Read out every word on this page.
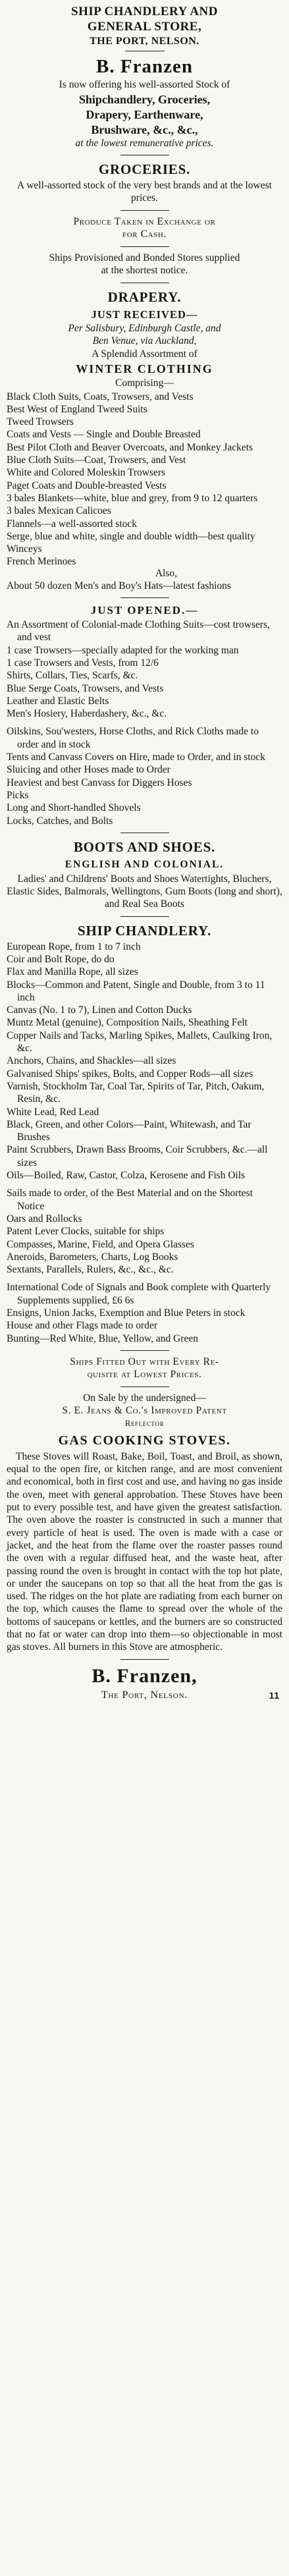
SHIP CHANDLERY AND
GENERAL STORE,
THE PORT, NELSON.
B. Franzen
Is now offering his well-assorted Stock of
Shipchandlery, Groceries,
Drapery, Earthenware,
Brushware, &c., &c.,
at the lowest remunerative prices.
GROCERIES.

A well-assorted stock of the very best brands and at the lowest prices.

Produce Taken in Exchange or
for Cash.
Ships Provisioned and Bonded Stores supplied
at the shortest notice.
DRAPERY.
JUST RECEIVED—
Per Salisbury, Edinburgh Castle, and
Ben Venue, via Auckland,
A Splendid Assortment of
WINTER CLOTHING
Comprising—
Black Cloth Suits, Coats, Trowsers, and Vests
Best West of England Tweed Suits
Tweed Trowsers
Coats and Vests — Single and Double Breasted
Best Pilot Cloth and Beaver Overcoats, and Monkey Jackets
Blue Cloth Suits—Coat, Trowsers, and Vest
White and Colored Moleskin Trowsers
Paget Coats and Double-breasted Vests
3 bales Blankets—white, blue and grey, from 9 to 12 quarters
3 bales Mexican Calicoes
Flannels—a well-assorted stock
Serge, blue and white, single and double width—best quality
Winceys
French Merinoes
Also,
About 50 dozen Men's and Boy's Hats—latest fashions
JUST OPENED.—
An Assortment of Colonial-made Clothing Suits—cost trowsers, and vest
1 case Trowsers—specially adapted for the working man
1 case Trowsers and Vests, from 12/6
Shirts, Collars, Ties, Scarfs, &c.
Blue Serge Coats, Trowsers, and Vests
Leather and Elastic Belts
Men's Hosiery, Haberdashery, &c., &c.
Oilskins, Sou'westers, Horse Cloths, and Rick Cloths made to order and in stock
Tents and Canvass Covers on Hire, made to Order, and in stock
Sluicing and other Hoses made to Order
Heaviest and best Canvass for Diggers Hoses
Picks
Long and Short-handled Shovels
Locks, Catches, and Bolts
BOOTS AND SHOES.
ENGLISH AND COLONIAL.

Ladies' and Childrens' Boots and Shoes Watertights, Bluchers, Elastic Sides, Balmorals, Wellingtons, Gum Boots (long and short), and Real Sea Boots

SHIP CHANDLERY.
European Rope, from 1 to 7 inch
Coir and Bolt Rope, do do
Flax and Manilla Rope, all sizes
Blocks—Common and Patent, Single and Double, from 3 to 11 inch
Canvas (No. 1 to 7), Linen and Cotton Ducks
Muntz Metal (genuine), Composition Nails, Sheathing Felt
Copper Nails and Tacks, Marling Spikes, Mallets, Caulking Iron, &c.
Anchors, Chains, and Shackles—all sizes
Galvanised Ships' spikes, Bolts, and Copper Rods—all sizes
Varnish, Stockholm Tar, Coal Tar, Spirits of Tar, Pitch, Oakum, Resin, &c.
White Lead, Red Lead
Black, Green, and other Colors—Paint, Whitewash, and Tar Brushes
Paint Scrubbers, Drawn Bass Brooms, Coir Scrubbers, &c.—all sizes
Oils—Boiled, Raw, Castor, Colza, Kerosene and Fish Oils
Sails made to order, of the Best Material and on the Shortest Notice
Oars and Rollocks
Patent Lever Clocks, suitable for ships
Compasses, Marine, Field, and Opera Glasses
Aneroids, Barometers, Charts, Log Books
Sextants, Parallels, Rulers, &c., &c., &c.
International Code of Signals and Book complete with Quarterly Supplements supplied, £6 6s
Ensigns, Union Jacks, Exemption and Blue Peters in stock
House and other Flags made to order
Bunting—Red White, Blue, Yellow, and Green
Ships Fitted Out with Every Re-
quisite at Lowest Prices.
On Sale by the undersigned—
S. E. Jeans & Co.'s Improved Patent
Reflector
GAS COOKING STOVES.

These Stoves will Roast, Bake, Boil, Toast, and Broil, as shown, equal to the open fire, or kitchen range, and are most convenient and economical, both in first cost and use, and having no gas inside the oven, meet with general approbation. These Stoves have been put to every possible test, and have given the greatest satisfaction. The oven above the roaster is constructed in such a manner that every particle of heat is used. The oven is made with a case or jacket, and the heat from the flame over the roaster passes round the oven with a regular diffused heat, and the waste heat, after passing round the oven is brought in contact with the top hot plate, or under the saucepans on top so that all the heat from the gas is used. The ridges on the hot plate are radiating from each burner on the top, which causes the flame to spread over the whole of the bottoms of saucepans or kettles, and the burners are so constructed that no fat or water can drop into them—so objectionable in most gas stoves. All burners in this Stove are atmospheric.

B. Franzen,
The Port, Nelson.	11
